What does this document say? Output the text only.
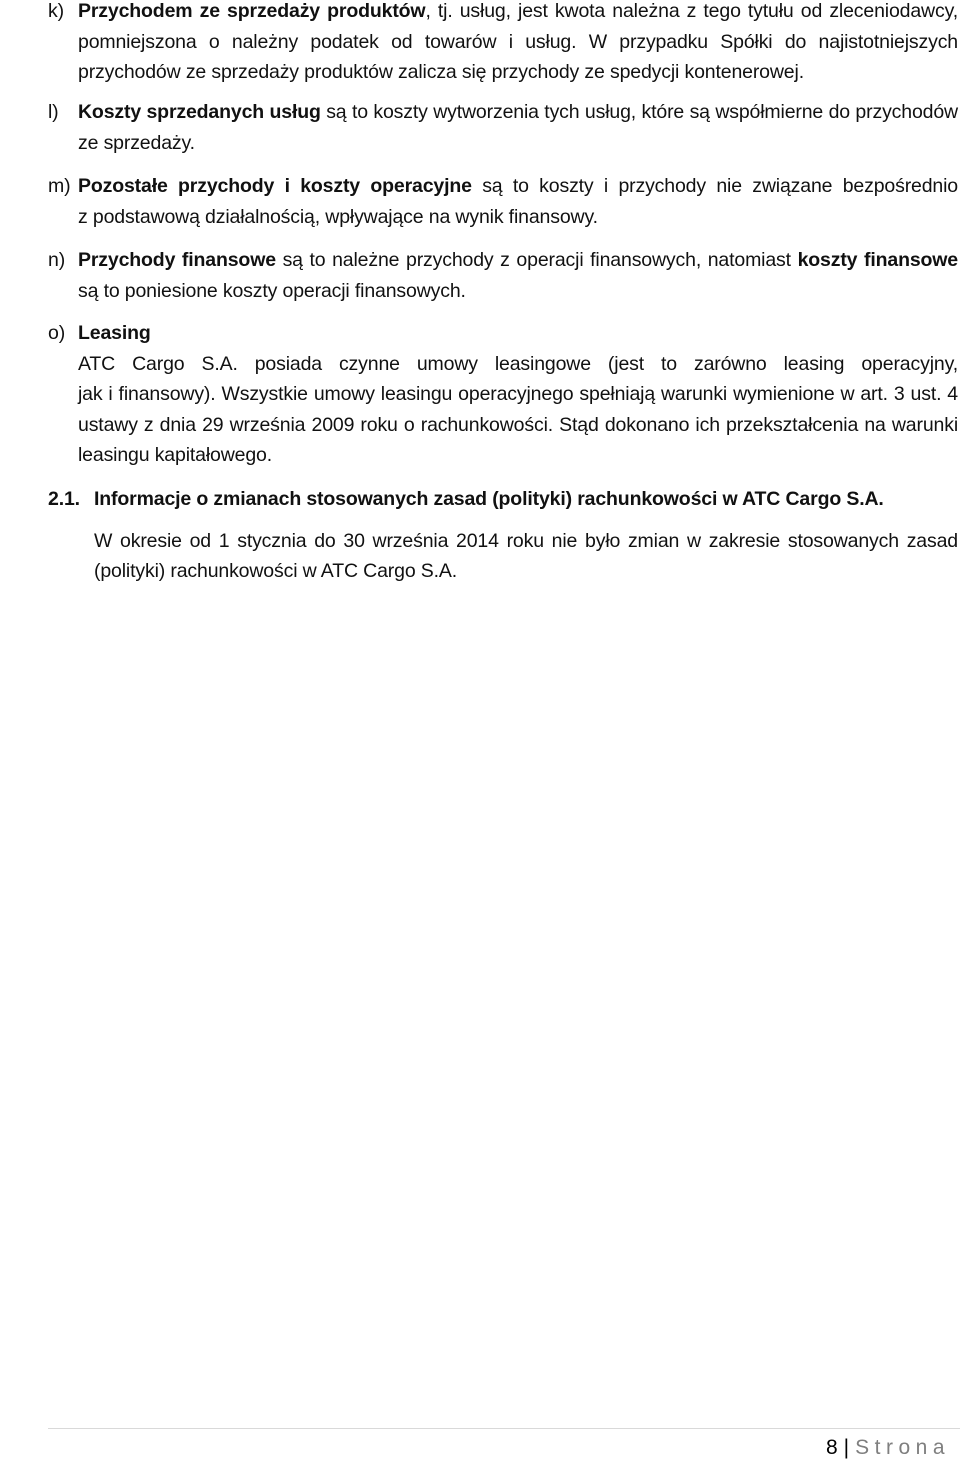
k) Przychodem ze sprzedaży produktów, tj. usług, jest kwota należna z tego tytułu od zleceniodawcy,
pomniejszona o należny podatek od towarów i usług. W przypadku Spółki do najistotniejszych
przychodów ze sprzedaży produktów zalicza się przychody ze spedycji kontenerowej.
l) Koszty sprzedanych usług są to koszty wytworzenia tych usług, które są współmierne do przychodów
ze sprzedaży.
m) Pozostałe przychody i koszty operacyjne są to koszty i przychody nie związane bezpośrednio
z podstawową działalnością, wpływające na wynik finansowy.
n) Przychody finansowe są to należne przychody z operacji finansowych, natomiast koszty finansowe
są to poniesione koszty operacji finansowych.
o) Leasing
ATC Cargo S.A. posiada czynne umowy leasingowe (jest to zarówno leasing operacyjny,
jak i finansowy). Wszystkie umowy leasingu operacyjnego spełniają warunki wymienione w art. 3 ust. 4
ustawy z dnia 29 września 2009 roku o rachunkowości. Stąd dokonano ich przekształcenia na warunki
leasingu kapitałowego.
2.1. Informacje o zmianach stosowanych zasad (polityki) rachunkowości w ATC Cargo S.A.
W okresie od 1 stycznia do 30 września 2014 roku nie było zmian w zakresie stosowanych zasad
(polityki) rachunkowości w ATC Cargo S.A.
8 | Strona
